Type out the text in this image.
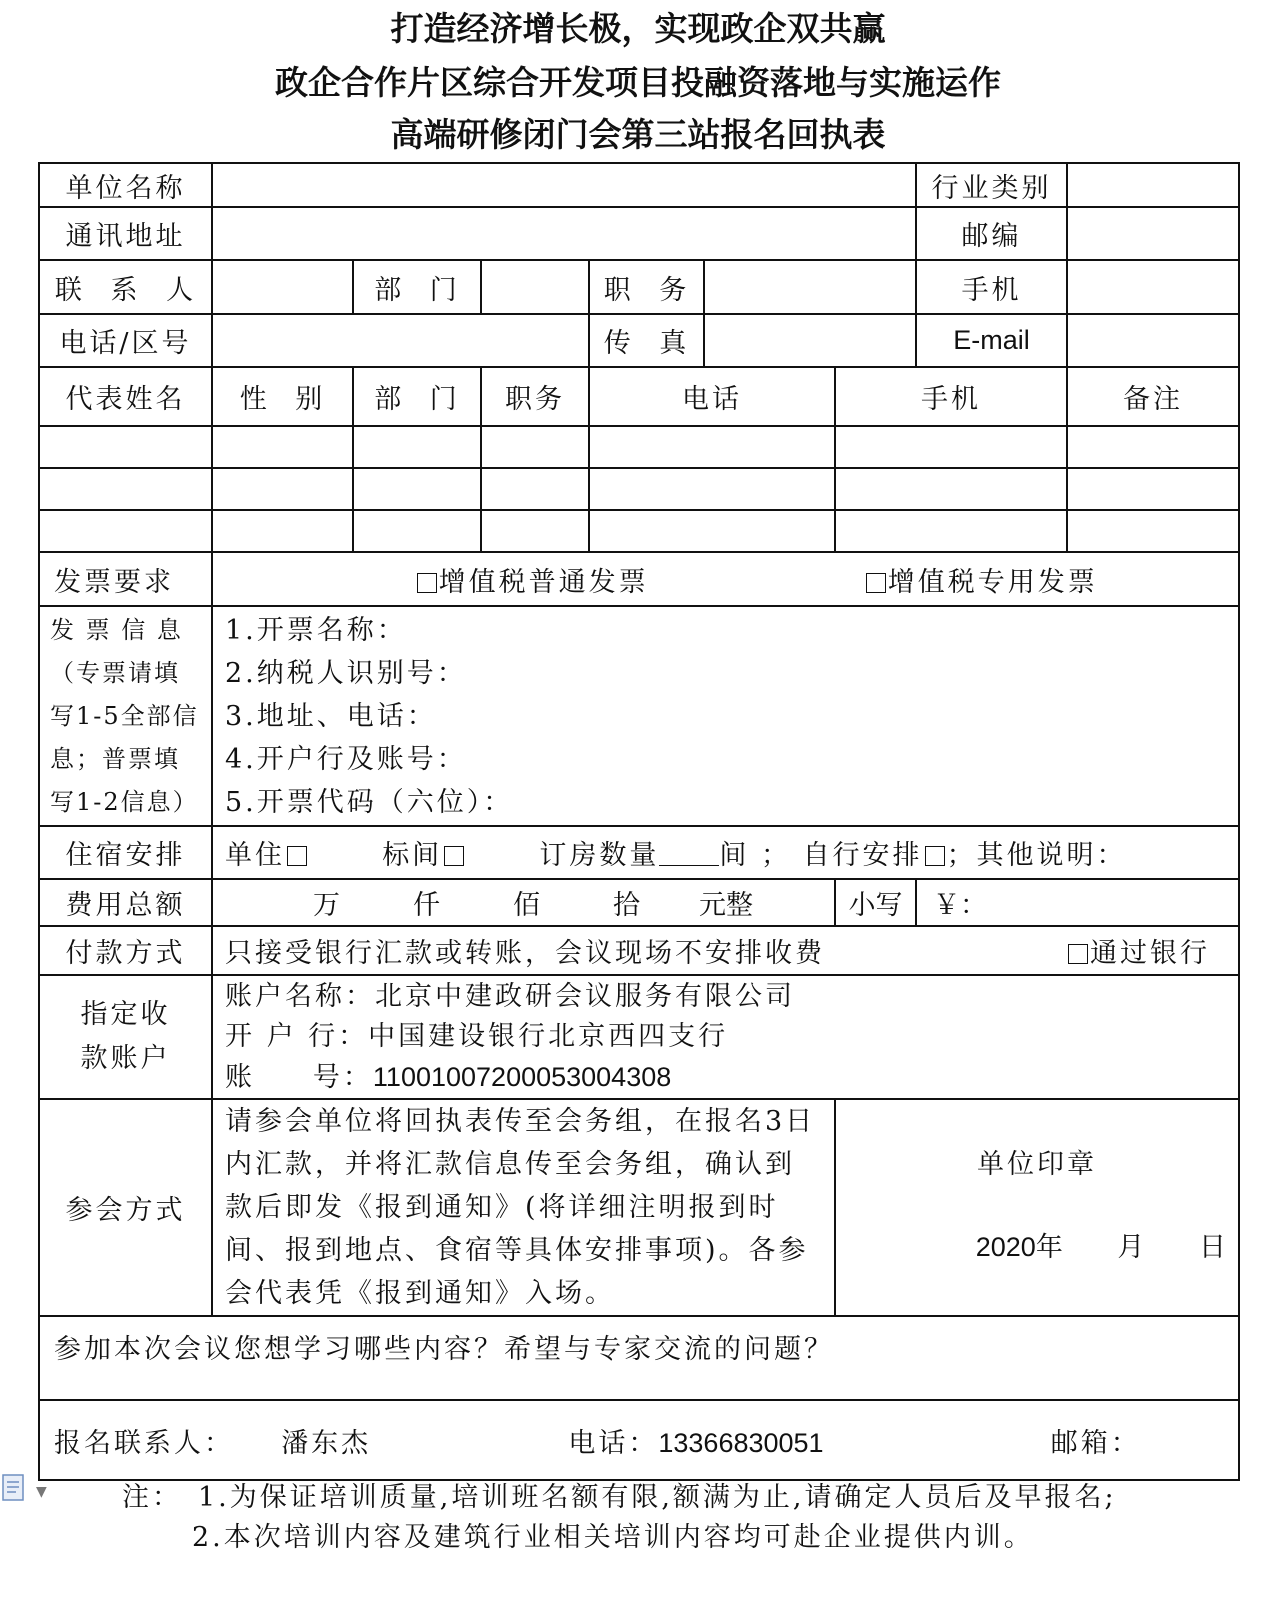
打造经济增长极，实现政企双共赢
政企合作片区综合开发项目投融资落地与实施运作
高端研修闭门会第三站报名回执表
单位名称							行业类别	
通讯地址							邮编	
联 系 人		部 门		职 务			手机	
电话/区号				传 真			E-mail	
代表姓名	性 别	部 门	职务	电话		手机		备注

发票要求	增值税普通发票 增值税专用发票							
发 票 信 息（专票请填写1-5全部信息；普票填写1-2信息）	1.开票名称：
2.纳税人识别号：
3.地址、电话：
4.开户行及账号：
5.开票代码（六位）：							

住宿安排	单住 标间 订房数量 间 ； 自行安排 ；其他说明：							
费用总额	万 仟 佰 拾 元整					小写	￥：	
付款方式	只接受银行汇款或转账，会议现场不安排收费 通过银行							

指定收款账户	账户名称：北京中建政研会议服务有限公司
开 户 行：中国建设银行北京西四支行
账     号：11001007200053004308							

参会方式	请参会单位将回执表传至会务组，在报名3日内汇款，并将汇款信息传至会务组，确认到款后即发《报到通知》(将详细注明报到时间、报到地点、食宿等具体安排事项)。各参会代表凭《报到通知》入场。					单位印章
2020年 月 日		

参加本次会议您想学习哪些内容？希望与专家交流的问题？								
报名联系人： 潘东杰 电话：13366830051 邮箱：								
▼	注： 1.为保证培训质量,培训班名额有限,额满为止,请确定人员后及早报名;
2.本次培训内容及建筑行业相关培训内容均可赴企业提供内训。
